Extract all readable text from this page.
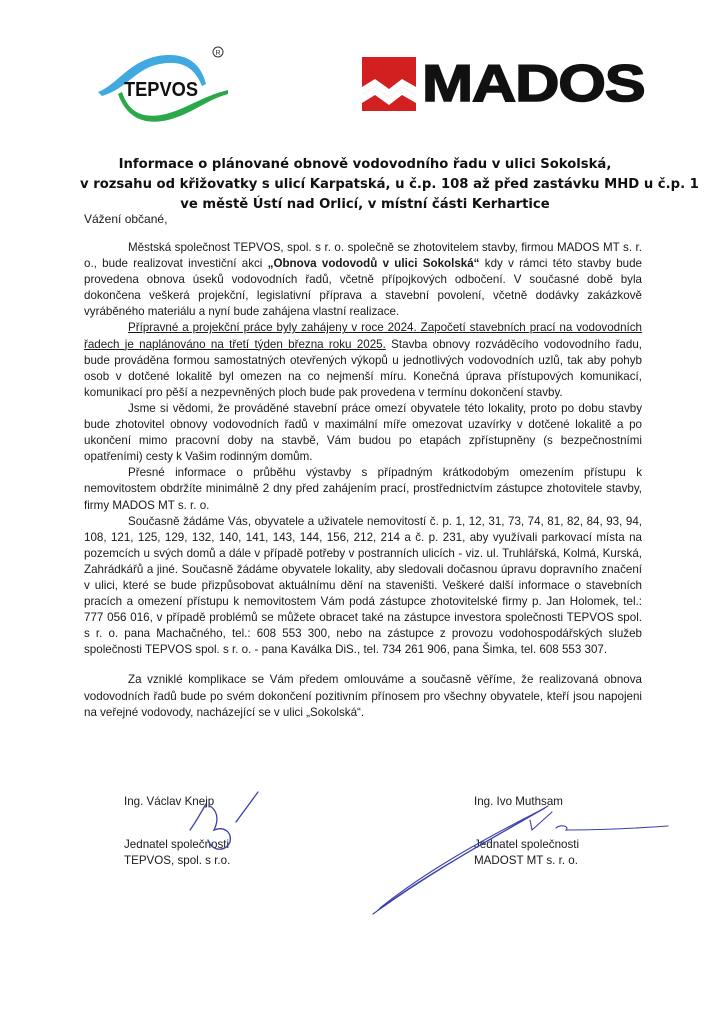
TEPVOS
R
MADOS
Informace o plánované obnově vodovodního řadu v ulici Sokolská,
v rozsahu od křižovatky s ulicí Karpatská, u č.p. 108 až před zastávku MHD u č.p. 1
ve městě Ústí nad Orlicí, v místní části Kerhartice
Vážení občané,

Městská společnost TEPVOS, spol. s r. o. společně se zhotovitelem stavby, firmou MADOS MT s. r. o., bude realizovat investiční akci „Obnova vodovodů v ulici Sokolská“ kdy v rámci této stavby bude provedena obnova úseků vodovodních řadů, včetně přípojkových odbočení. V současné době byla dokončena veškerá projekční, legislativní příprava a stavební povolení, včetně dodávky zakázkově vyráběného materiálu a nyní bude zahájena vlastní realizace.

Přípravné a projekční práce byly zahájeny v roce 2024. Započetí stavebních prací na vodovodních řadech je naplánováno na třetí týden března roku 2025. Stavba obnovy rozváděcího vodovodního řadu, bude prováděna formou samostatných otevřených výkopů u jednotlivých vodovodních uzlů, tak aby pohyb osob v dotčené lokalitě byl omezen na co nejmenší míru. Konečná úprava přístupových komunikací, komunikací pro pěší a nezpevněných ploch bude pak provedena v termínu dokončení stavby.

Jsme si vědomi, že prováděné stavební práce omezí obyvatele této lokality, proto po dobu stavby bude zhotovitel obnovy vodovodních řadů v maximální míře omezovat uzavírky v dotčené lokalitě a po ukončení mimo pracovní doby na stavbě, Vám budou po etapách zpřístupněny (s bezpečnostními opatřeními) cesty k Vašim rodinným domům.

Přesné informace o průběhu výstavby s případným krátkodobým omezením přístupu k nemovitostem obdržíte minimálně 2 dny před zahájením prací, prostřednictvím zástupce zhotovitele stavby, firmy MADOS MT s. r. o.

Současně žádáme Vás, obyvatele a uživatele nemovitostí č. p. 1, 12, 31, 73, 74, 81, 82, 84, 93, 94, 108, 121, 125, 129, 132, 140, 141, 143, 144, 156, 212, 214 a č. p. 231, aby využívali parkovací místa na pozemcích u svých domů a dále v případě potřeby v postranních ulicích - viz. ul. Truhlářská, Kolmá, Kurská, Zahrádkářů a jiné. Současně žádáme obyvatele lokality, aby sledovali dočasnou úpravu dopravního značení v ulici, které se bude přizpůsobovat aktuálnímu dění na staveništi. Veškeré další informace o stavebních pracích a omezení přístupu k nemovitostem Vám podá zástupce zhotovitelské firmy p. Jan Holomek, tel.: 777 056 016, v případě problémů se můžete obracet také na zástupce investora společnosti TEPVOS spol. s r. o. pana Machačného, tel.: 608 553 300, nebo na zástupce z provozu vodohospodářských služeb společnosti TEPVOS spol. s r. o. - pana Kaválka DiS., tel. 734 261 906, pana Šimka, tel. 608 553 307.

Za vzniklé komplikace se Vám předem omlouváme a současně věříme, že realizovaná obnova vodovodních řadů bude po svém dokončení pozitivním přínosem pro všechny obyvatele, kteří jsou napojeni na veřejné vodovody, nacházející se v ulici „Sokolská“.

Ing. Václav Knejp
Jednatel společnosti
TEPVOS, spol. s r.o.
Ing. Ivo Muthsam
Jednatel společnosti
MADOST MT s. r. o.
